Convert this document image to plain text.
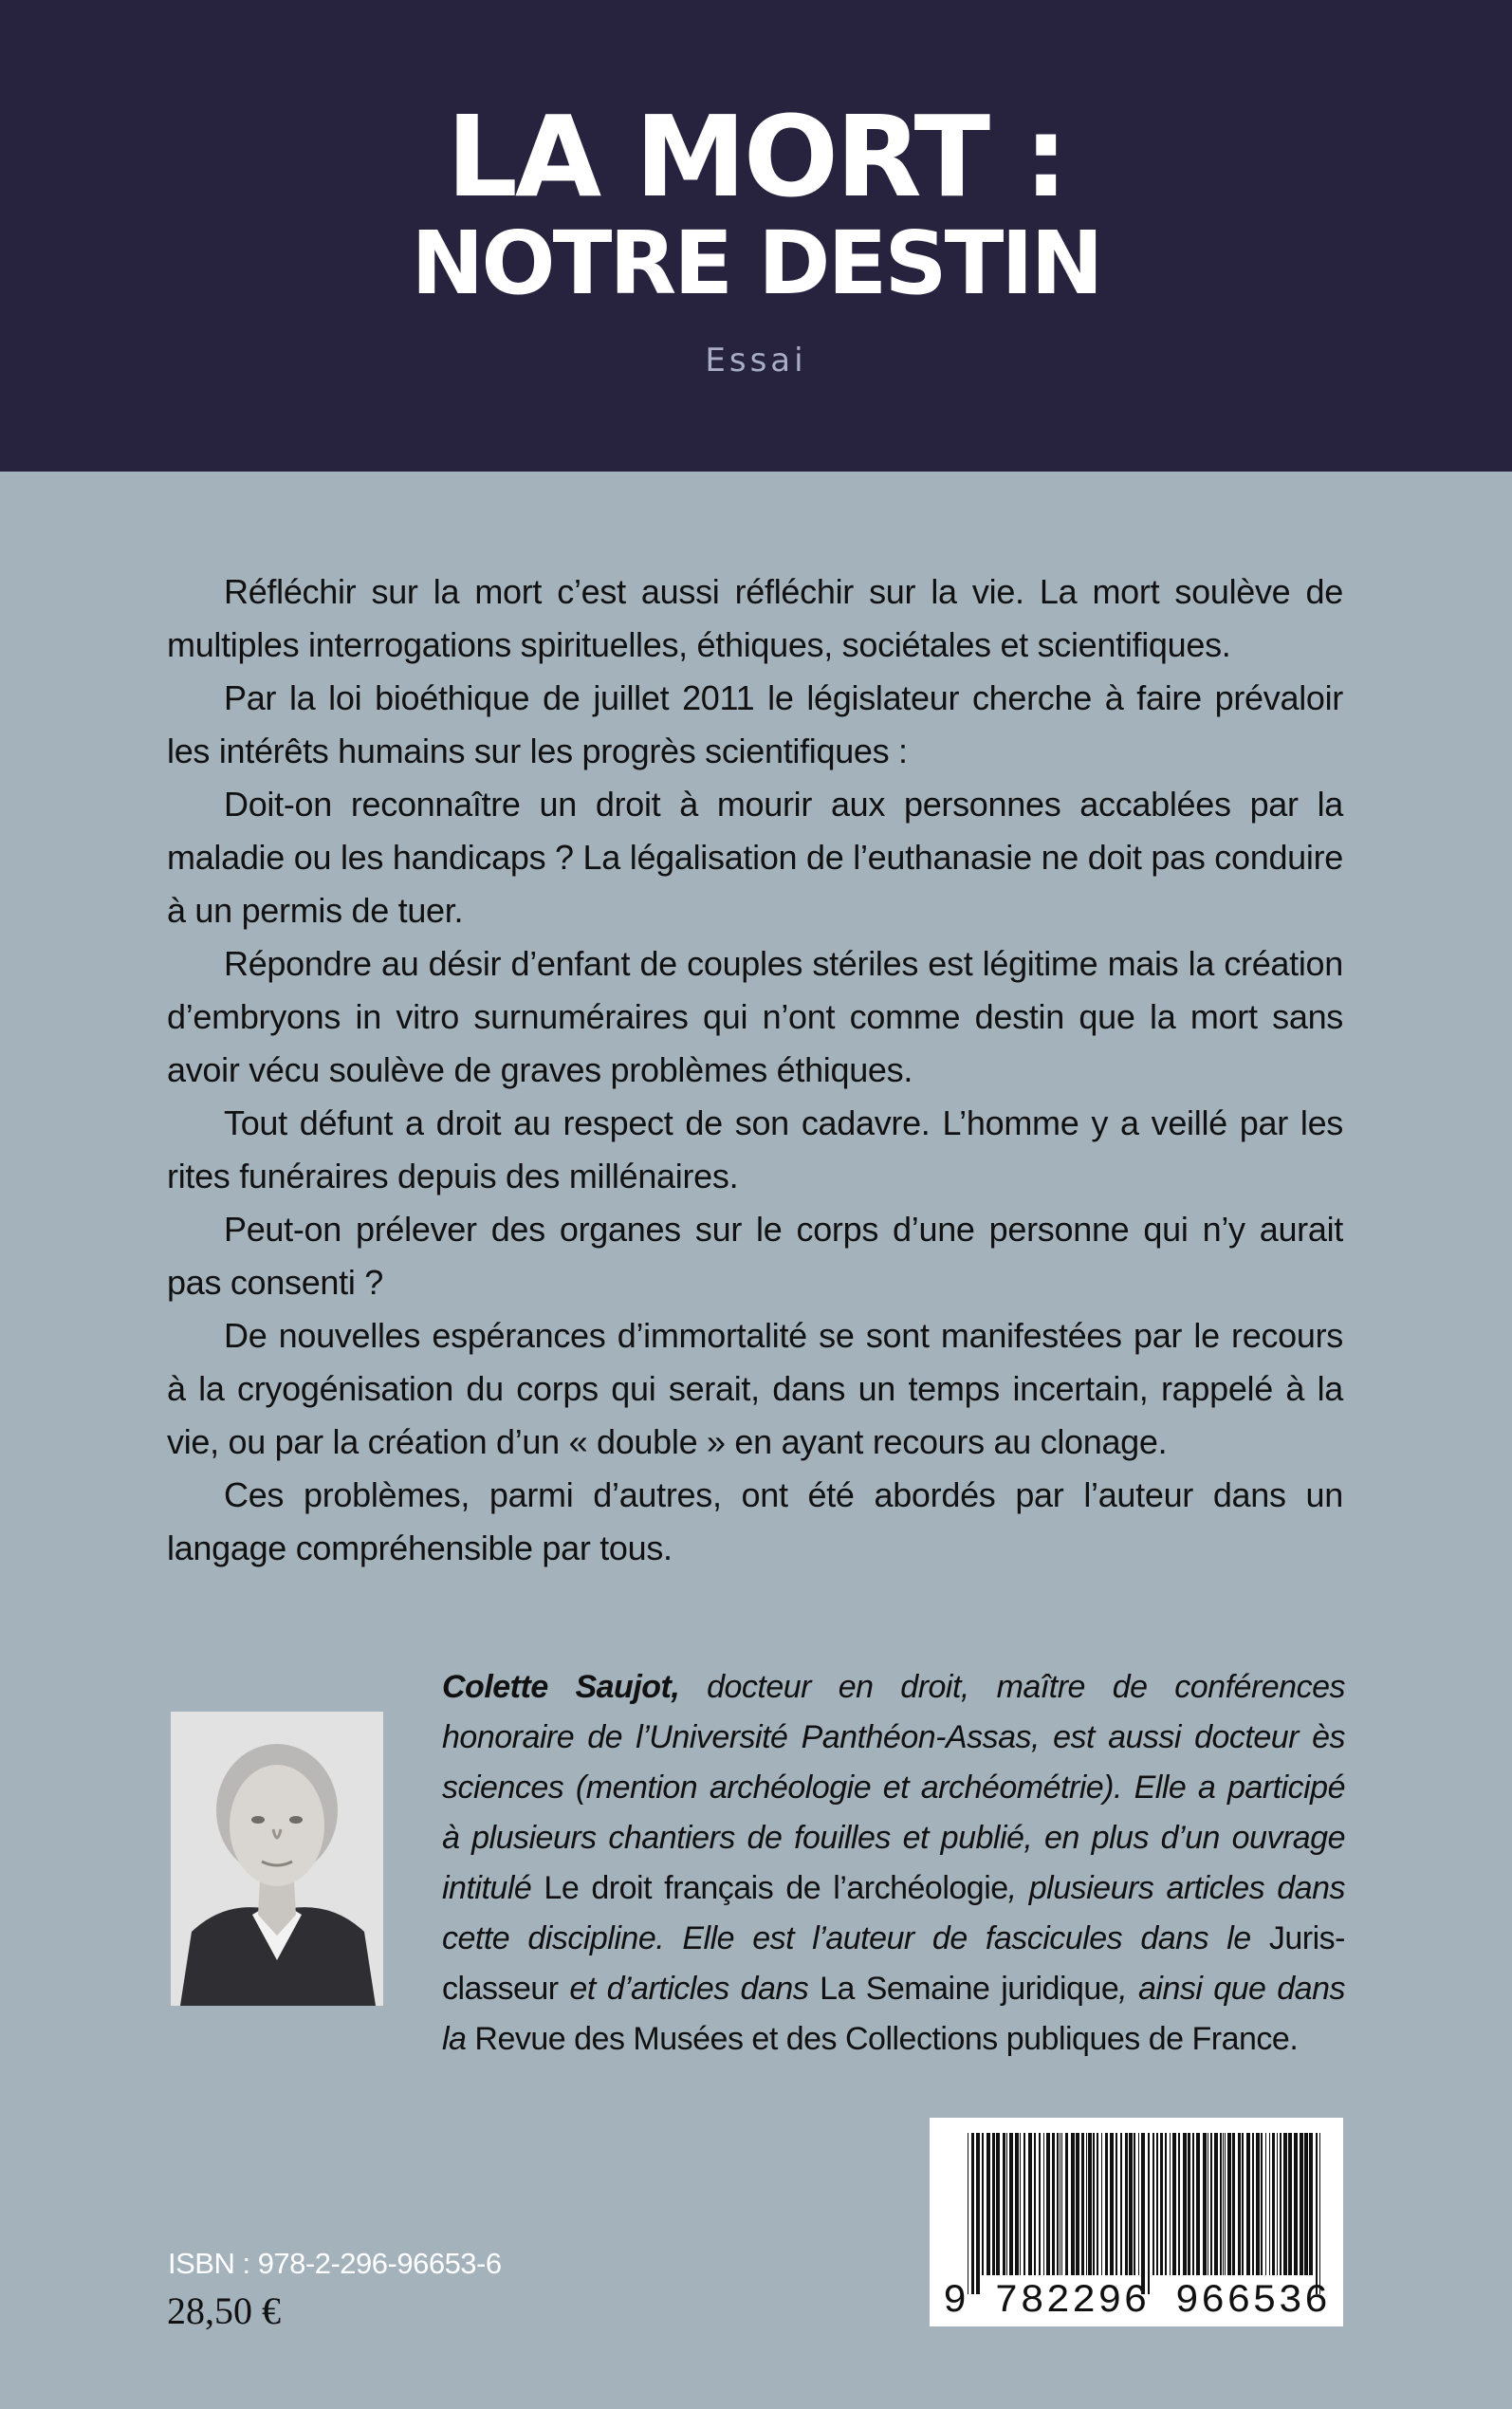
LA MORT :
NOTRE DESTIN
Essai

Réfléchir sur la mort c’est aussi réfléchir sur la vie. La mort soulève de multiples interrogations spirituelles, éthiques, sociétales et scientifiques.

Par la loi bioéthique de juillet 2011 le législateur cherche à faire prévaloir les intérêts humains sur les progrès scientifiques :

Doit-on reconnaître un droit à mourir aux personnes accablées par la maladie ou les handicaps ? La légalisation de l’euthanasie ne doit pas conduire à un permis de tuer.

Répondre au désir d’enfant de couples stériles est légitime mais la création d’embryons in vitro surnuméraires qui n’ont comme destin que la mort sans avoir vécu soulève de graves problèmes éthiques.

Tout défunt a droit au respect de son cadavre. L’homme y a veillé par les rites funéraires depuis des millénaires.

Peut-on prélever des organes sur le corps d’une personne qui n’y aurait pas consenti ?

De nouvelles espérances d’immortalité se sont manifestées par le recours à la cryogénisation du corps qui serait, dans un temps incertain, rappelé à la vie, ou par la création d’un « double » en ayant recours au clonage.

Ces problèmes, parmi d’autres, ont été abordés par l’auteur dans un langage compréhensible par tous.

Colette Saujot, docteur en droit, maître de conférences honoraire de l’Université Panthéon-Assas, est aussi docteur ès sciences (mention archéologie et archéométrie). Elle a participé à plusieurs chantiers de fouilles et publié, en plus d’un ouvrage intitulé Le droit français de l’archéologie, plusieurs articles dans cette discipline. Elle est l’auteur de fascicules dans le Juris-classeur et d’articles dans La Semaine juridique, ainsi que dans la Revue des Musées et des Collections publiques de France.

9 782296 966536
ISBN : 978-2-296-96653-6
28,50 €
